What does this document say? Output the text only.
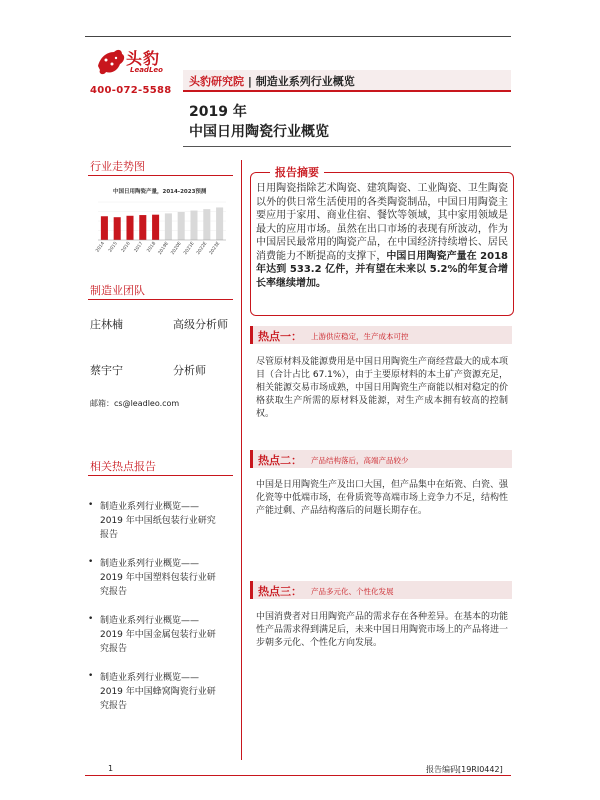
头豹
LeadLeo
400-072-5588
头豹研究院 | 制造业系列行业概览
2019 年
中国日用陶瓷行业概览
行业走势图
中国日用陶瓷产量，2014-2023预测
2014 2015 2016 2017 2018 2019E 2020E 2021E 2022E 2023E
制造业团队
庄林楠	高级分析师
蔡宇宁	分析师
邮箱：cs@leadleo.com
相关热点报告
• 制造业系列行业概览——
2019 年中国纸包装行业研究
报告
• 制造业系列行业概览——
2019 年中国塑料包装行业研
究报告
• 制造业系列行业概览——
2019 年中国金属包装行业研
究报告
• 制造业系列行业概览——
2019 年中国蜂窝陶瓷行业研
究报告
报告摘要
日用陶瓷指除艺术陶瓷、建筑陶瓷、工业陶瓷、卫生陶瓷以外的供日常生活使用的各类陶瓷制品，中国日用陶瓷主要应用于家用、商业住宿、餐饮等领域，其中家用领域是最大的应用市场。虽然在出口市场的表现有所波动，作为中国居民最常用的陶瓷产品，在中国经济持续增长、居民消费能力不断提高的支撑下，中国日用陶瓷产量在 2018 年达到 533.2 亿件，并有望在未来以 5.2%的年复合增长率继续增加。
热点一： 上游供应稳定，生产成本可控
尽管原材料及能源费用是中国日用陶瓷生产商经营最大的成本项目（合计占比 67.1%），由于主要原材料的本土矿产资源充足，相关能源交易市场成熟，中国日用陶瓷生产商能以相对稳定的价格获取生产所需的原材料及能源，对生产成本拥有较高的控制权。
热点二： 产品结构落后，高端产品较少
中国是日用陶瓷生产及出口大国，但产品集中在炻瓷、白瓷、强化瓷等中低端市场，在骨质瓷等高端市场上竞争力不足，结构性产能过剩、产品结构落后的问题长期存在。
热点三： 产品多元化、个性化发展
中国消费者对日用陶瓷产品的需求存在各种差异。在基本的功能性产品需求得到满足后，未来中国日用陶瓷市场上的产品将进一步朝多元化、个性化方向发展。
1	报告编码[19RI0442]
